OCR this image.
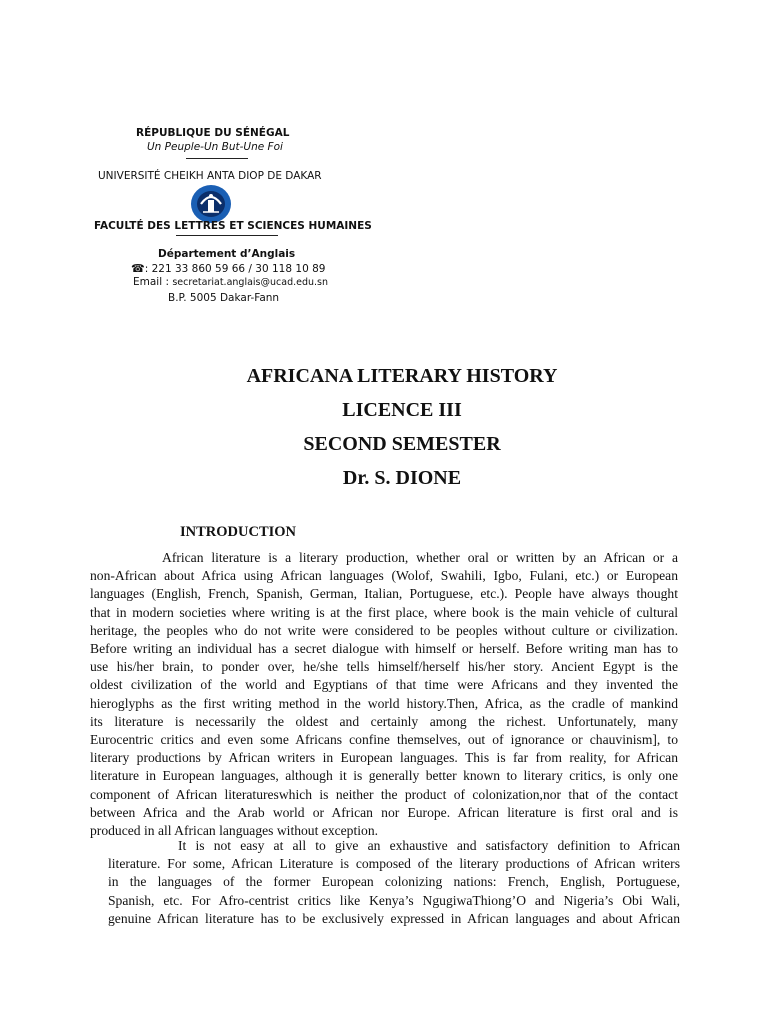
RÉPUBLIQUE DU SÉNÉGAL
Un Peuple-Un But-Une Foi
UNIVERSITÉ CHEIKH ANTA DIOP DE DAKAR
FACULTÉ DES LETTRES ET SCIENCES HUMAINES
Département d’Anglais
☎: 221 33 860 59 66 / 30 118 10 89
Email : secretariat.anglais@ucad.edu.sn
B.P. 5005 Dakar-Fann
AFRICANA LITERARY HISTORY
LICENCE III
SECOND SEMESTER
Dr. S. DIONE
INTRODUCTION
African literature is a literary production, whether oral or written by an African or a
non-African about Africa using African languages (Wolof, Swahili, Igbo, Fulani, etc.) or European
languages (English, French, Spanish, German, Italian, Portuguese, etc.). People have always thought
that in modern societies where writing is at the first place, where book is the main vehicle of cultural
heritage, the peoples who do not write were considered to be peoples without culture or civilization.
Before writing an individual has a secret dialogue with himself or herself. Before writing man has to
use his/her brain, to ponder over, he/she tells himself/herself his/her story. Ancient Egypt is the
oldest civilization of the world and Egyptians of that time were Africans and they invented the
hieroglyphs as the first writing method in the world history.Then, Africa, as the cradle of mankind
its literature is necessarily the oldest and certainly among the richest. Unfortunately, many
Eurocentric critics and even some Africans confine themselves, out of ignorance or chauvinism], to
literary productions by African writers in European languages. This is far from reality, for African
literature in European languages, although it is generally better known to literary critics, is only one
component of African literatureswhich is neither the product of colonization,nor that of the contact
between Africa and the Arab world or African nor Europe. African literature is first oral and is
produced in all African languages without exception.
It is not easy at all to give an exhaustive and satisfactory definition to African
literature. For some, African Literature is composed of the literary productions of African writers
in the languages of the former European colonizing nations: French, English, Portuguese,
Spanish, etc. For Afro-centrist critics like Kenya’s NgugiwaThiong’O and Nigeria’s Obi Wali,
genuine African literature has to be exclusively expressed in African languages and about African
